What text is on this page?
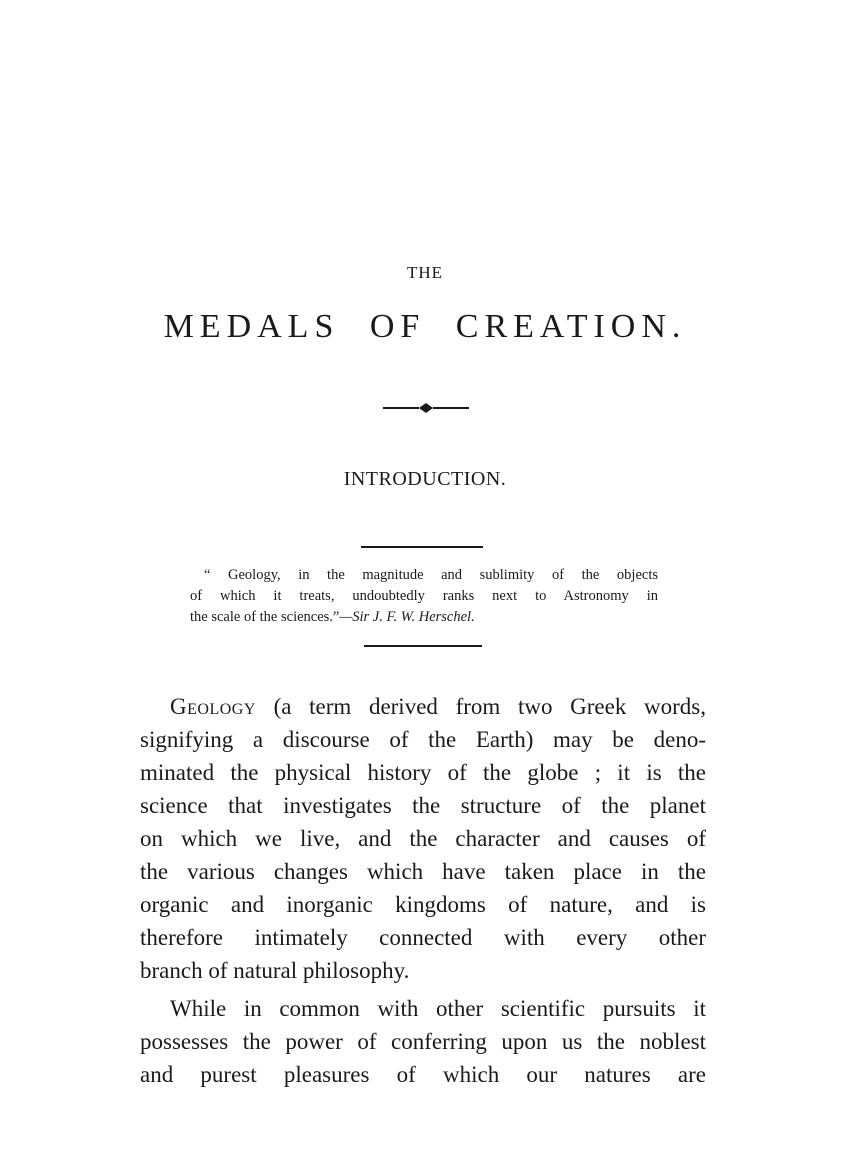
THE
MEDALS OF CREATION.
INTRODUCTION.
“ Geology, in the magnitude and sublimity of the objects
of which it treats, undoubtedly ranks next to Astronomy in
the scale of the sciences.”—Sir J. F. W. Herschel.
Geology (a term derived from two Greek words,
signifying a discourse of the Earth) may be deno-
minated the physical history of the globe ; it is the
science that investigates the structure of the planet
on which we live, and the character and causes of
the various changes which have taken place in the
organic and inorganic kingdoms of nature, and is
therefore intimately connected with every other
branch of natural philosophy.
While in common with other scientific pursuits it
possesses the power of conferring upon us the noblest
and purest pleasures of which our natures are
